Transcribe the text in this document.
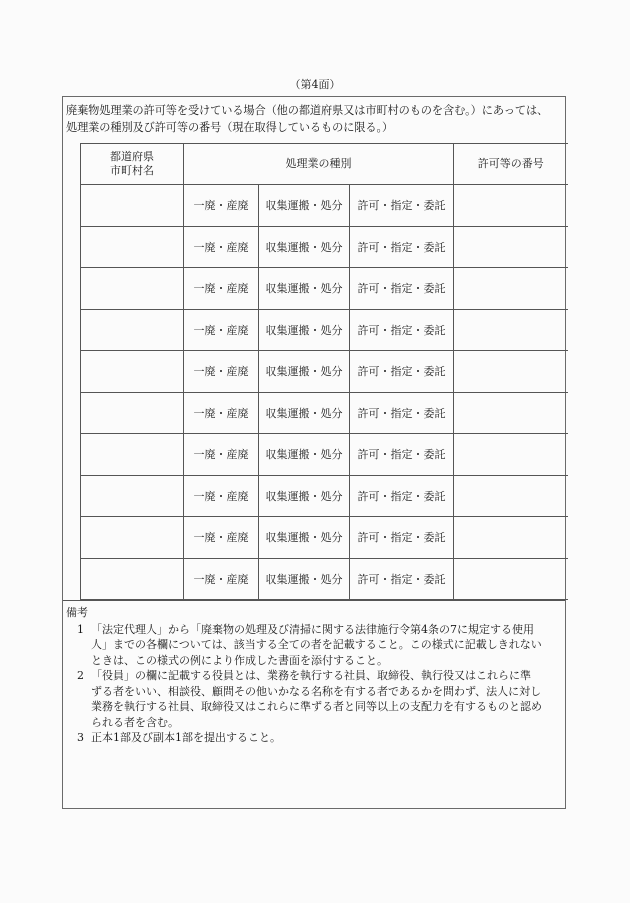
（第4面）
廃棄物処理業の許可等を受けている場合（他の都道府県又は市町村のものを含む。）にあっては、
処理業の種別及び許可等の番号（現在取得しているものに限る。）
都道府県
市町村名	処理業の種別			許可等の番号
	一廃・産廃	収集運搬・処分	許可・指定・委託	
	一廃・産廃	収集運搬・処分	許可・指定・委託	
	一廃・産廃	収集運搬・処分	許可・指定・委託	
	一廃・産廃	収集運搬・処分	許可・指定・委託	
	一廃・産廃	収集運搬・処分	許可・指定・委託	
	一廃・産廃	収集運搬・処分	許可・指定・委託	
	一廃・産廃	収集運搬・処分	許可・指定・委託	
	一廃・産廃	収集運搬・処分	許可・指定・委託	
	一廃・産廃	収集運搬・処分	許可・指定・委託	
	一廃・産廃	収集運搬・処分	許可・指定・委託	
備考
1 「法定代理人」から「廃棄物の処理及び清掃に関する法律施行令第4条の7に規定する使用
人」までの各欄については、該当する全ての者を記載すること。この様式に記載しきれない
ときは、この様式の例により作成した書面を添付すること。
2 「役員」の欄に記載する役員とは、業務を執行する社員、取締役、執行役又はこれらに準
ずる者をいい、相談役、顧問その他いかなる名称を有する者であるかを問わず、法人に対し
業務を執行する社員、取締役又はこれらに準ずる者と同等以上の支配力を有するものと認め
られる者を含む。
3 正本1部及び副本1部を提出すること。
